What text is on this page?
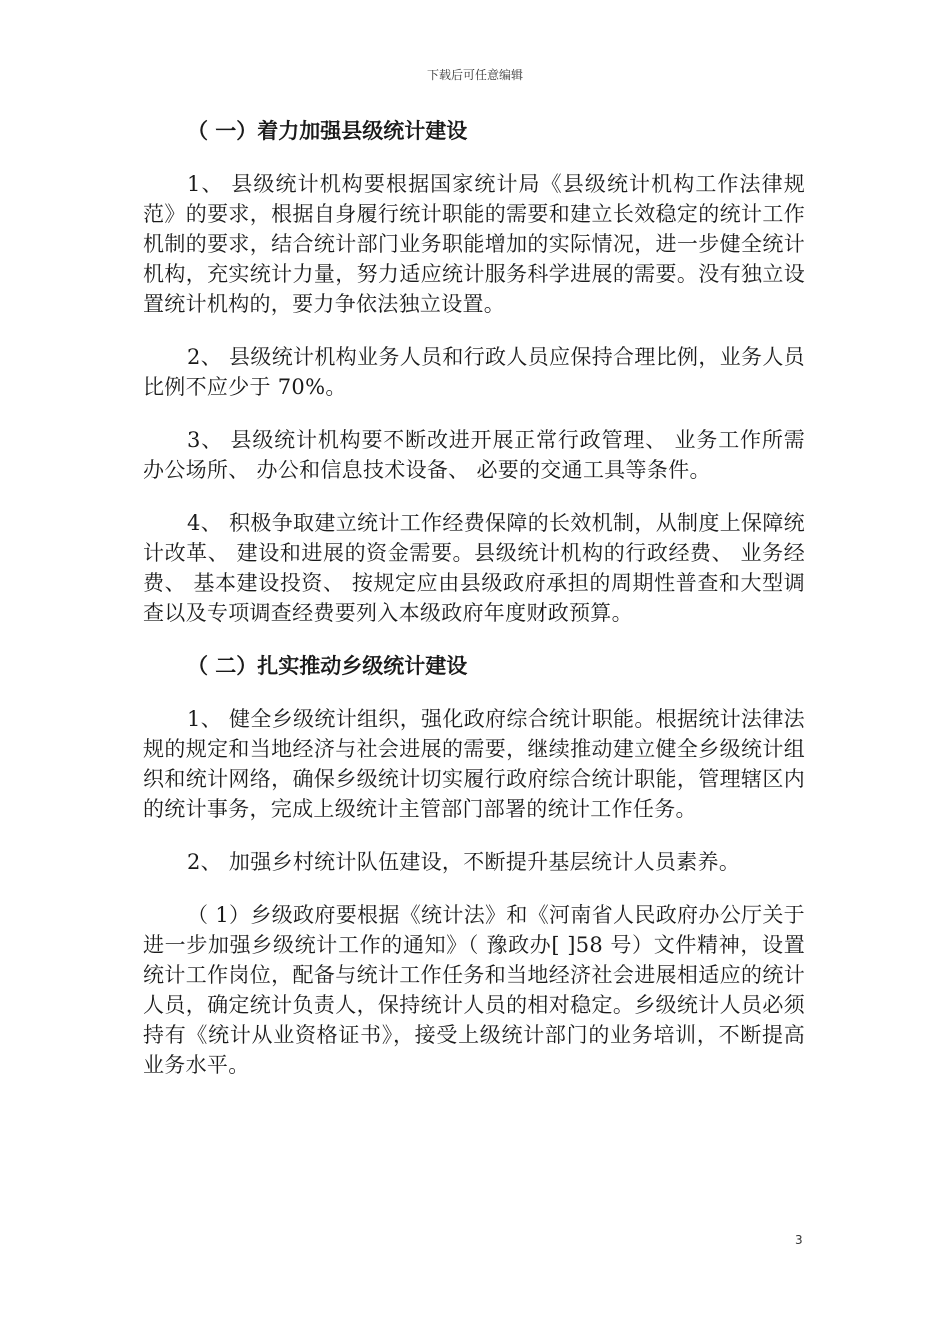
下载后可任意编辑
（ 一）着力加强县级统计建设

1、 县级统计机构要根据国家统计局《县级统计机构工作法律规范》的要求，根据自身履行统计职能的需要和建立长效稳定的统计工作机制的要求，结合统计部门业务职能增加的实际情况，进一步健全统计机构，充实统计力量，努力适应统计服务科学进展的需要。没有独立设置统计机构的，要力争依法独立设置。

2、 县级统计机构业务人员和行政人员应保持合理比例，业务人员比例不应少于 70%。

3、 县级统计机构要不断改进开展正常行政管理、 业务工作所需办公场所、 办公和信息技术设备、 必要的交通工具等条件。

4、 积极争取建立统计工作经费保障的长效机制，从制度上保障统计改革、 建设和进展的资金需要。县级统计机构的行政经费、 业务经费、 基本建设投资、 按规定应由县级政府承担的周期性普查和大型调查以及专项调查经费要列入本级政府年度财政预算。

（ 二）扎实推动乡级统计建设

1、 健全乡级统计组织，强化政府综合统计职能。根据统计法律法规的规定和当地经济与社会进展的需要，继续推动建立健全乡级统计组织和统计网络，确保乡级统计切实履行政府综合统计职能，管理辖区内的统计事务，完成上级统计主管部门部署的统计工作任务。

2、 加强乡村统计队伍建设，不断提升基层统计人员素养。

（ 1）乡级政府要根据《统计法》和《河南省人民政府办公厅关于进一步加强乡级统计工作的通知》（ 豫政办[ ]58 号）文件精神，设置统计工作岗位，配备与统计工作任务和当地经济社会进展相适应的统计人员，确定统计负责人，保持统计人员的相对稳定。乡级统计人员必须持有《统计从业资格证书》，接受上级统计部门的业务培训，不断提高业务水平。

3
